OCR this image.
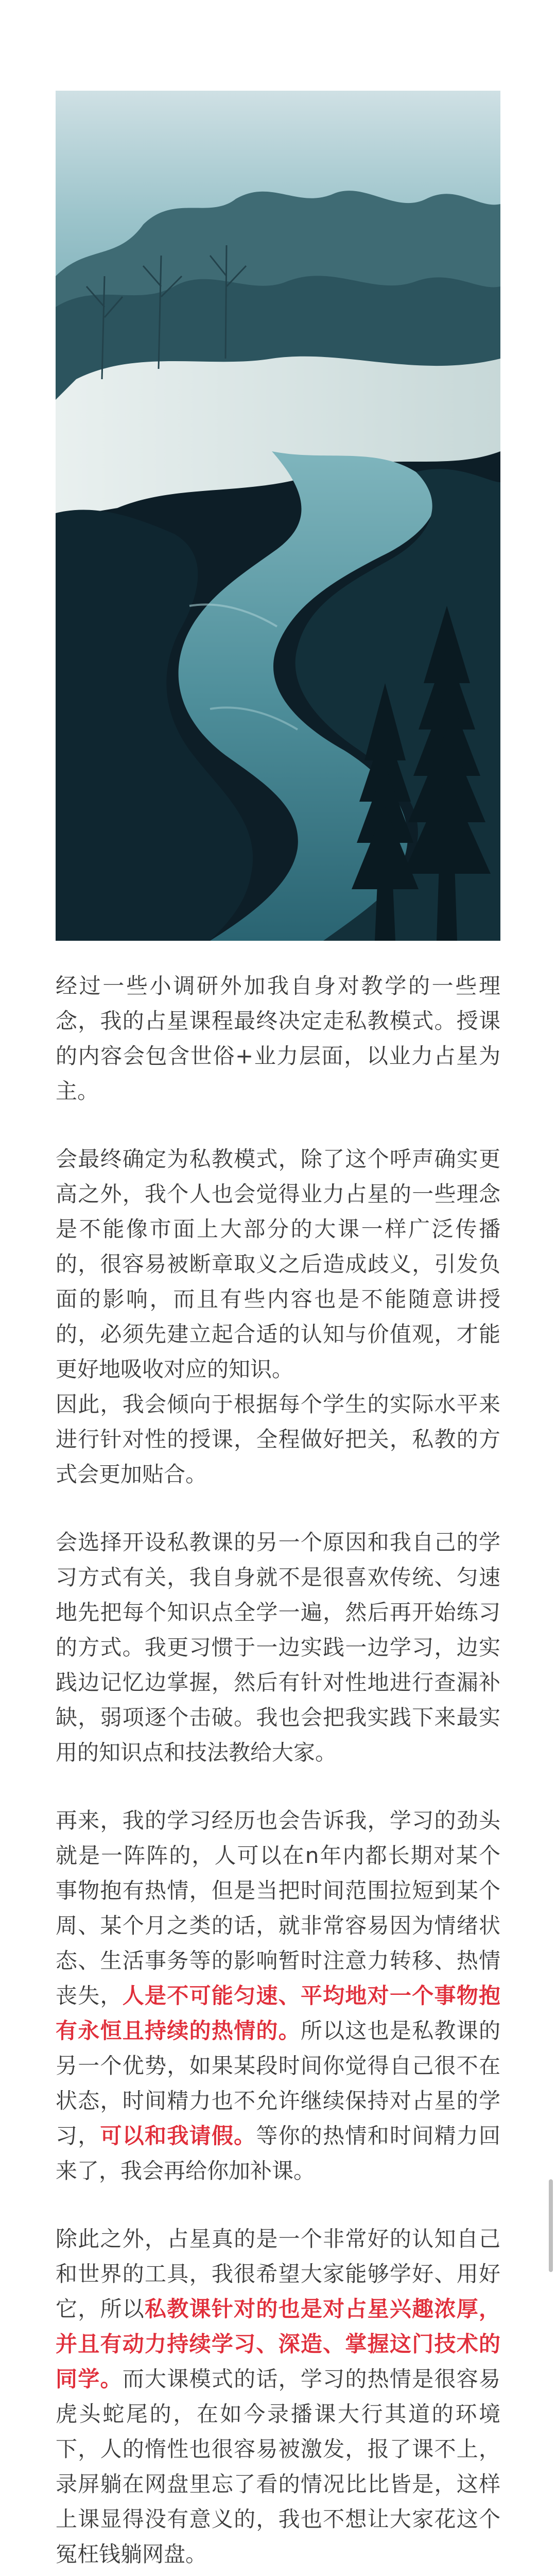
经过一些小调研外加我自身对教学的一些理念，我的占星课程最终决定走私教模式。授课的内容会包含世俗+业力层面，以业力占星为主。

会最终确定为私教模式，除了这个呼声确实更高之外，我个人也会觉得业力占星的一些理念是不能像市面上大部分的大课一样广泛传播的，很容易被断章取义之后造成歧义，引发负面的影响，而且有些内容也是不能随意讲授的，必须先建立起合适的认知与价值观，才能更好地吸收对应的知识。

因此，我会倾向于根据每个学生的实际水平来进行针对性的授课，全程做好把关，私教的方式会更加贴合。

会选择开设私教课的另一个原因和我自己的学习方式有关，我自身就不是很喜欢传统、匀速地先把每个知识点全学一遍，然后再开始练习的方式。我更习惯于一边实践一边学习，边实践边记忆边掌握，然后有针对性地进行查漏补缺，弱项逐个击破。我也会把我实践下来最实用的知识点和技法教给大家。

再来，我的学习经历也会告诉我，学习的劲头就是一阵阵的，人可以在n年内都长期对某个事物抱有热情，但是当把时间范围拉短到某个周、某个月之类的话，就非常容易因为情绪状态、生活事务等的影响暂时注意力转移、热情丧失，人是不可能匀速、平均地对一个事物抱有永恒且持续的热情的。所以这也是私教课的另一个优势，如果某段时间你觉得自己很不在状态，时间精力也不允许继续保持对占星的学习，可以和我请假。等你的热情和时间精力回来了，我会再给你加补课。

除此之外，占星真的是一个非常好的认知自己和世界的工具，我很希望大家能够学好、用好它，所以私教课针对的也是对占星兴趣浓厚，并且有动力持续学习、深造、掌握这门技术的同学。而大课模式的话，学习的热情是很容易虎头蛇尾的，在如今录播课大行其道的环境下，人的惰性也很容易被激发，报了课不上，录屏躺在网盘里忘了看的情况比比皆是，这样上课显得没有意义的，我也不想让大家花这个冤枉钱躺网盘。
